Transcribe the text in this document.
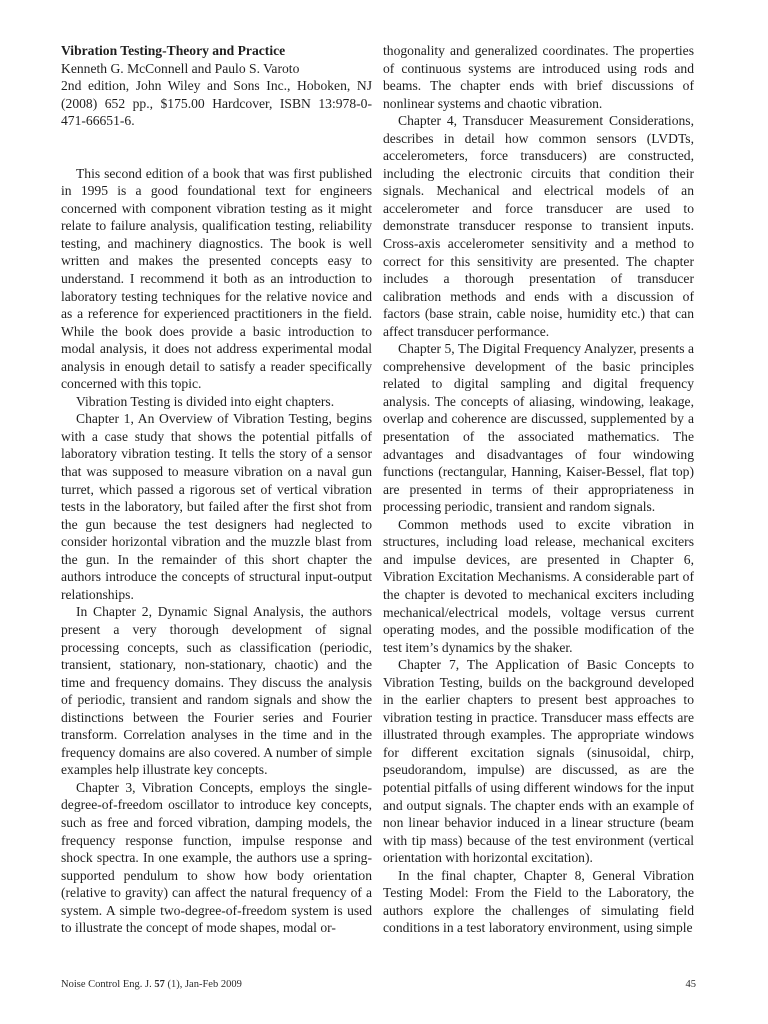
Vibration Testing-Theory and Practice
Kenneth G. McConnell and Paulo S. Varoto
2nd edition, John Wiley and Sons Inc., Hoboken, NJ (2008) 652 pp., $175.00 Hardcover, ISBN 13:978-0-471-66651-6.

This second edition of a book that was first published in 1995 is a good foundational text for engineers concerned with component vibration testing as it might relate to failure analysis, qualification testing, reliability testing, and machinery diagnostics. The book is well written and makes the presented concepts easy to understand. I recommend it both as an introduction to laboratory testing techniques for the relative novice and as a reference for experienced practitioners in the field. While the book does provide a basic introduction to modal analysis, it does not address experimental modal analysis in enough detail to satisfy a reader specifically concerned with this topic.

Vibration Testing is divided into eight chapters.

Chapter 1, An Overview of Vibration Testing, begins with a case study that shows the potential pitfalls of laboratory vibration testing. It tells the story of a sensor that was supposed to measure vibration on a naval gun turret, which passed a rigorous set of vertical vibration tests in the laboratory, but failed after the first shot from the gun because the test designers had neglected to consider horizontal vibration and the muzzle blast from the gun. In the remainder of this short chapter the authors introduce the concepts of structural input-output relationships.

In Chapter 2, Dynamic Signal Analysis, the authors present a very thorough development of signal processing concepts, such as classification (periodic, transient, stationary, non-stationary, chaotic) and the time and frequency domains. They discuss the analysis of periodic, transient and random signals and show the distinctions between the Fourier series and Fourier transform. Correlation analyses in the time and in the frequency domains are also covered. A number of simple examples help illustrate key concepts.

Chapter 3, Vibration Concepts, employs the single-degree-of-freedom oscillator to introduce key concepts, such as free and forced vibration, damping models, the frequency response function, impulse response and shock spectra. In one example, the authors use a spring-supported pendulum to show how body orientation (relative to gravity) can affect the natural frequency of a system. A simple two-degree-of-freedom system is used to illustrate the concept of mode shapes, modal or-

thogonality and generalized coordinates. The properties of continuous systems are introduced using rods and beams. The chapter ends with brief discussions of nonlinear systems and chaotic vibration.

Chapter 4, Transducer Measurement Considerations, describes in detail how common sensors (LVDTs, accelerometers, force transducers) are constructed, including the electronic circuits that condition their signals. Mechanical and electrical models of an accelerometer and force transducer are used to demonstrate transducer response to transient inputs. Cross-axis accelerometer sensitivity and a method to correct for this sensitivity are presented. The chapter includes a thorough presentation of transducer calibration methods and ends with a discussion of factors (base strain, cable noise, humidity etc.) that can affect transducer performance.

Chapter 5, The Digital Frequency Analyzer, presents a comprehensive development of the basic principles related to digital sampling and digital frequency analysis. The concepts of aliasing, windowing, leakage, overlap and coherence are discussed, supplemented by a presentation of the associated mathematics. The advantages and disadvantages of four windowing functions (rectangular, Hanning, Kaiser-Bessel, flat top) are presented in terms of their appropriateness in processing periodic, transient and random signals.

Common methods used to excite vibration in structures, including load release, mechanical exciters and impulse devices, are presented in Chapter 6, Vibration Excitation Mechanisms. A considerable part of the chapter is devoted to mechanical exciters including mechanical/electrical models, voltage versus current operating modes, and the possible modification of the test item’s dynamics by the shaker.

Chapter 7, The Application of Basic Concepts to Vibration Testing, builds on the background developed in the earlier chapters to present best approaches to vibration testing in practice. Transducer mass effects are illustrated through examples. The appropriate windows for different excitation signals (sinusoidal, chirp, pseudorandom, impulse) are discussed, as are the potential pitfalls of using different windows for the input and output signals. The chapter ends with an example of non linear behavior induced in a linear structure (beam with tip mass) because of the test environment (vertical orientation with horizontal excitation).

In the final chapter, Chapter 8, General Vibration Testing Model: From the Field to the Laboratory, the authors explore the challenges of simulating field conditions in a test laboratory environment, using simple

Noise Control Eng. J. 57 (1), Jan-Feb 2009	45
